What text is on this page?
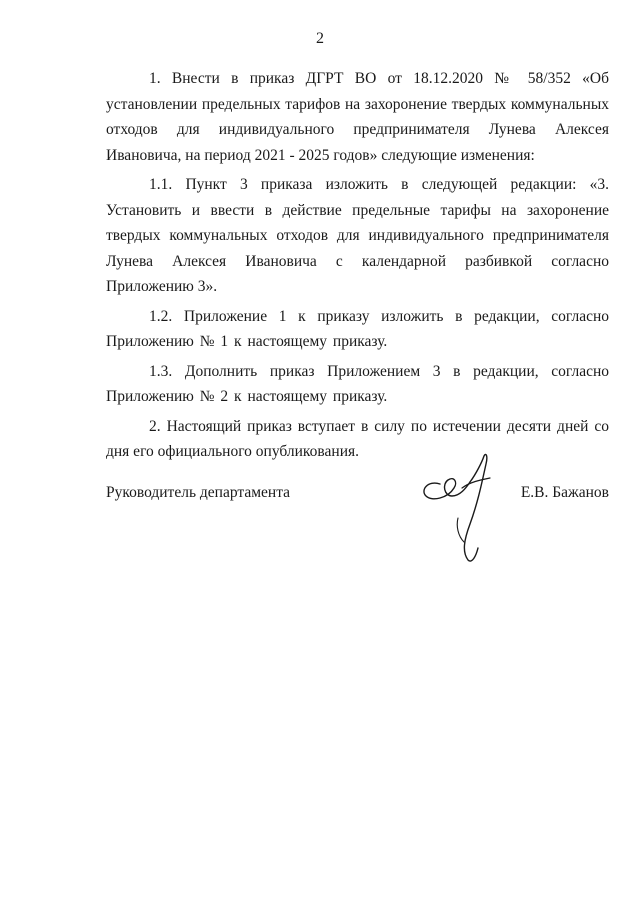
2

1. Внести в приказ ДГРТ ВО от 18.12.2020 № 58/352 «Об установлении предельных тарифов на захоронение твердых коммунальных отходов для индивидуального предпринимателя Лунева Алексея Ивановича, на период 2021 - 2025 годов» следующие изменения:

1.1. Пункт 3 приказа изложить в следующей редакции: «3. Установить и ввести в действие предельные тарифы на захоронение твердых коммунальных отходов для индивидуального предпринимателя Лунева Алексея Ивановича с календарной разбивкой согласно Приложению 3».

1.2. Приложение 1 к приказу изложить в редакции, согласно Приложению № 1 к настоящему приказу.

1.3. Дополнить приказ Приложением 3 в редакции, согласно Приложению № 2 к настоящему приказу.

2. Настоящий приказ вступает в силу по истечении десяти дней со дня его официального опубликования.

Руководитель департамента	Е.В. Бажанов
